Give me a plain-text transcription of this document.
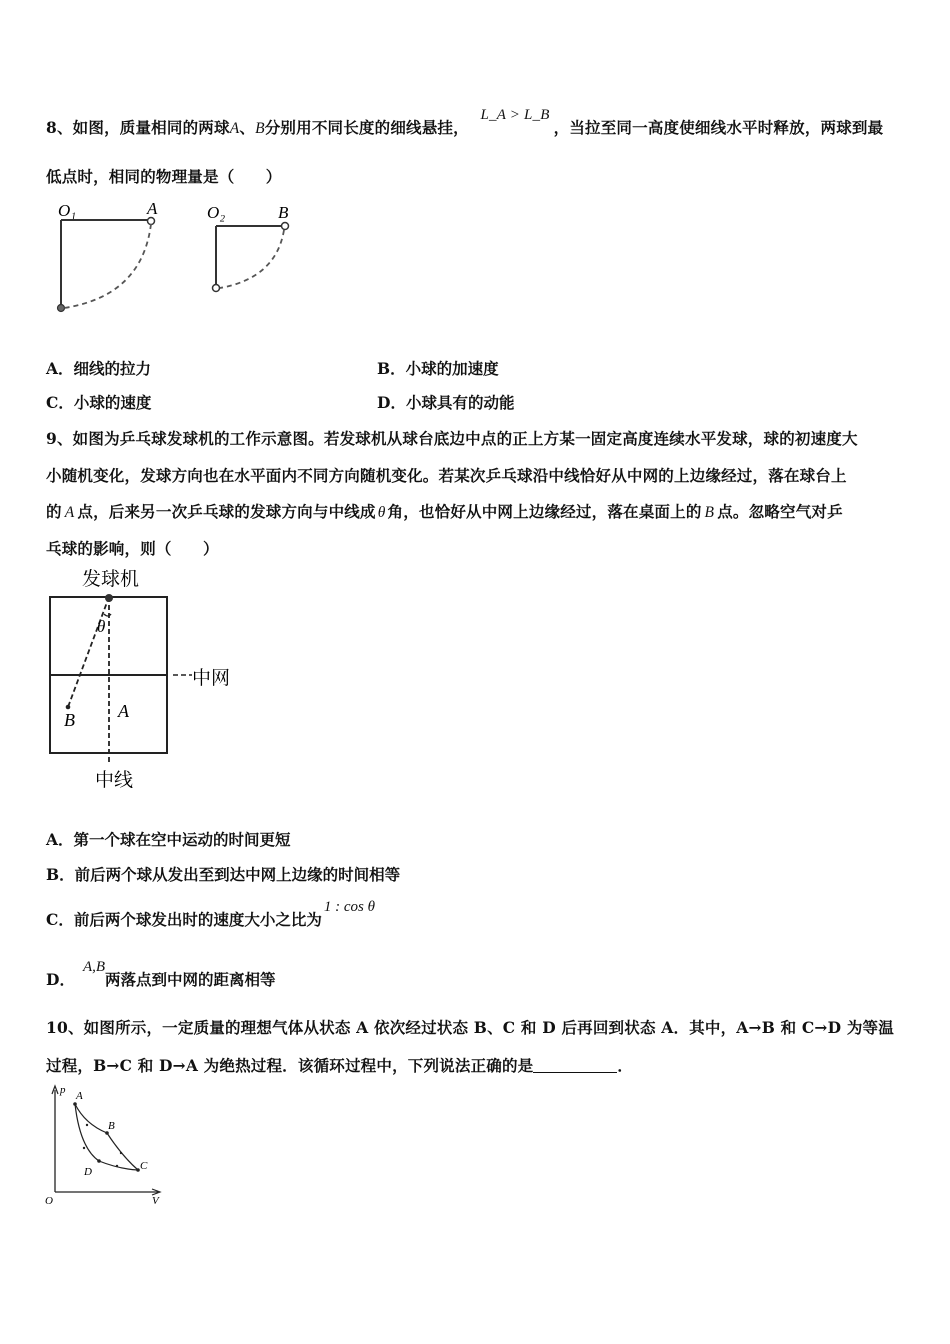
8、如图，质量相同的两球A、B分别用不同长度的细线悬挂， L_A > L_B，当拉至同一高度使细线水平时释放，两球到最
低点时，相同的物理量是（　　）
O₁	A	O₂	B
A．细线的拉力	B．小球的加速度
C．小球的速度	D．小球具有的动能
9、如图为乒乓球发球机的工作示意图。若发球机从球台底边中点的正上方某一固定高度连续水平发球，球的初速度大
小随机变化，发球方向也在水平面内不同方向随机变化。若某次乒乓球沿中线恰好从中网的上边缘经过，落在球台上
的 A 点，后来另一次乒乓球的发球方向与中线成 θ 角，也恰好从中网上边缘经过，落在桌面上的 B 点。忽略空气对乒
乓球的影响，则（　　）
发球机
中网
θ
B A
中线
A．第一个球在空中运动的时间更短
B．前后两个球从发出至到达中网上边缘的时间相等
C．前后两个球发出时的速度大小之比为1 : cos θ
D．A,B两落点到中网的距离相等
10、如图所示，一定质量的理想气体从状态 A 依次经过状态 B、C 和 D 后再回到状态 A．其中，A→B 和 C→D 为等温
过程，B→C 和 D→A 为绝热过程．该循环过程中，下列说法正确的是	．
p
V
O
A
B
C
D
